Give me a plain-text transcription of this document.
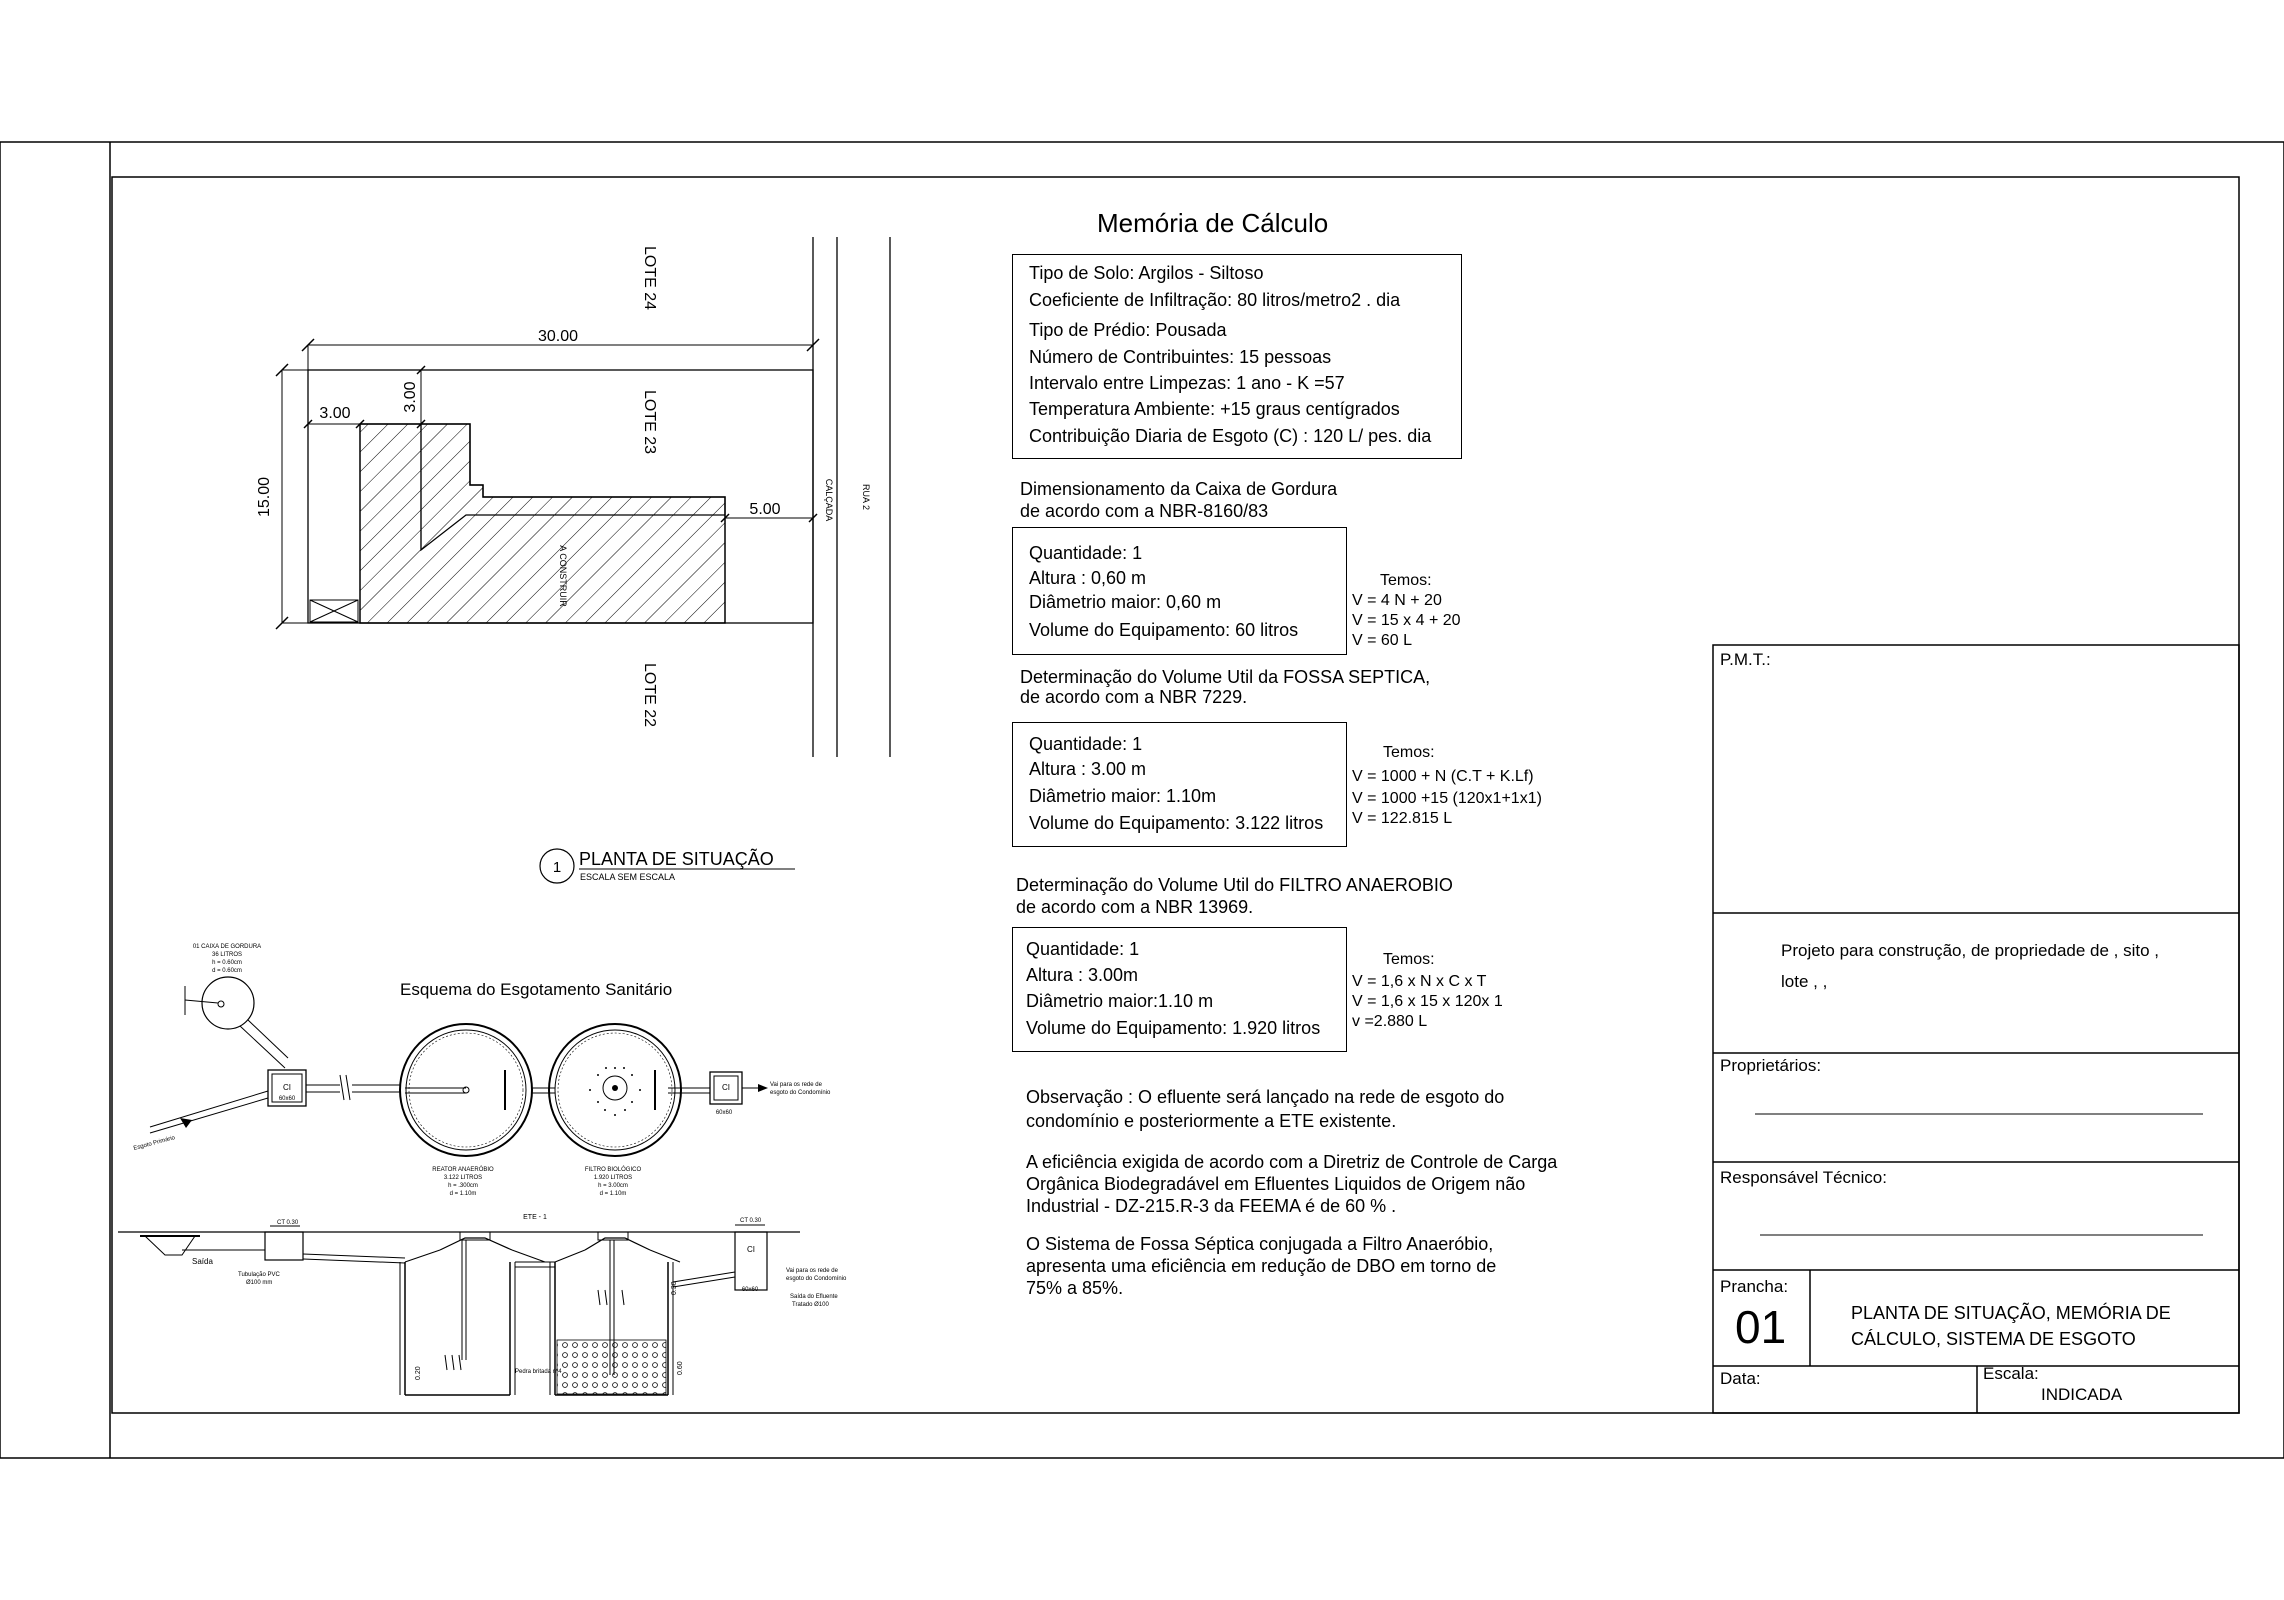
30.00
15.00
3.00
3.00
5.00
LOTE 24
LOTE 23
LOTE 22
CALÇADA	RUA 2
A CONSTRUIR
1 PLANTA DE SITUAÇÃO
ESCALA SEM ESCALA
Esquema do Esgotamento Sanitário
01 CAIXA DE GORDURA
36 LITROS
h = 0.60cm
d = 0.60cm
CI
60x60
Esgoto Primário
REATOR ANAERÓBIO
3.122 LITROS
h = .300cm
d = 1.10m
FILTRO BIOLÓGICO
1.920 LITROS
h = 3.00cm
d = 1.10m
CI
60x60
Vai para os rede de
esgoto do Condomínio
ETE - 1
Saída
CT 0.30
Tubulação PVC
Ø100 mm
0.20	0.60
0.30
Pedra britada nº4
CI
60x60
CT 0.30
Vai para os rede de
esgoto do Condomínio
Saída do Efluente
Tratado Ø100
Memória de Cálculo
Tipo de Solo: Argilos - Siltoso
Coeficiente de Infiltração: 80 litros/metro2 . dia
Tipo de Prédio: Pousada
Número de Contribuintes: 15 pessoas
Intervalo entre Limpezas: 1 ano - K =57
Temperatura Ambiente: +15 graus centígrados
Contribuição Diaria de Esgoto (C) : 120 L/ pes. dia
Dimensionamento da Caixa de Gordura
de acordo com a NBR-8160/83
Quantidade: 1
Altura : 0,60 m
Diâmetrio maior: 0,60 m
Volume do Equipamento: 60 litros
Temos:
V = 4 N + 20
V = 15 x 4 + 20
V = 60 L
Determinação do Volume Util da FOSSA SEPTICA,
de acordo com a NBR 7229.
Quantidade: 1
Altura : 3.00 m
Diâmetrio maior: 1.10m
Volume do Equipamento: 3.122 litros
Temos:
V = 1000 + N (C.T + K.Lf)
V = 1000 +15 (120x1+1x1)
V = 122.815 L
Determinação do Volume Util do FILTRO ANAEROBIO
de acordo com a NBR 13969.
Quantidade: 1
Altura : 3.00m
Diâmetrio maior:1.10 m
Volume do Equipamento: 1.920 litros
Temos:
V = 1,6 x N x C x T
V = 1,6 x 15 x 120x 1
v =2.880 L
Observação : O efluente será lançado na rede de esgoto do
condomínio e posteriormente a ETE existente.
A eficiência exigida de acordo com a Diretriz de Controle de Carga
Orgânica Biodegradável em Efluentes Liquidos de Origem não
Industrial - DZ-215.R-3 da FEEMA é de 60 % .
O Sistema de Fossa Séptica conjugada a Filtro Anaeróbio,
apresenta uma eficiência em redução de DBO em torno de
75% a 85%.
P.M.T.:
Projeto para construção, de propriedade de , sito ,
lote , ,
Proprietários:
Responsável Técnico:
Prancha:
01	PLANTA DE SITUAÇÃO, MEMÓRIA DE
CÁLCULO, SISTEMA DE ESGOTO
Data:	Escala:
INDICADA
